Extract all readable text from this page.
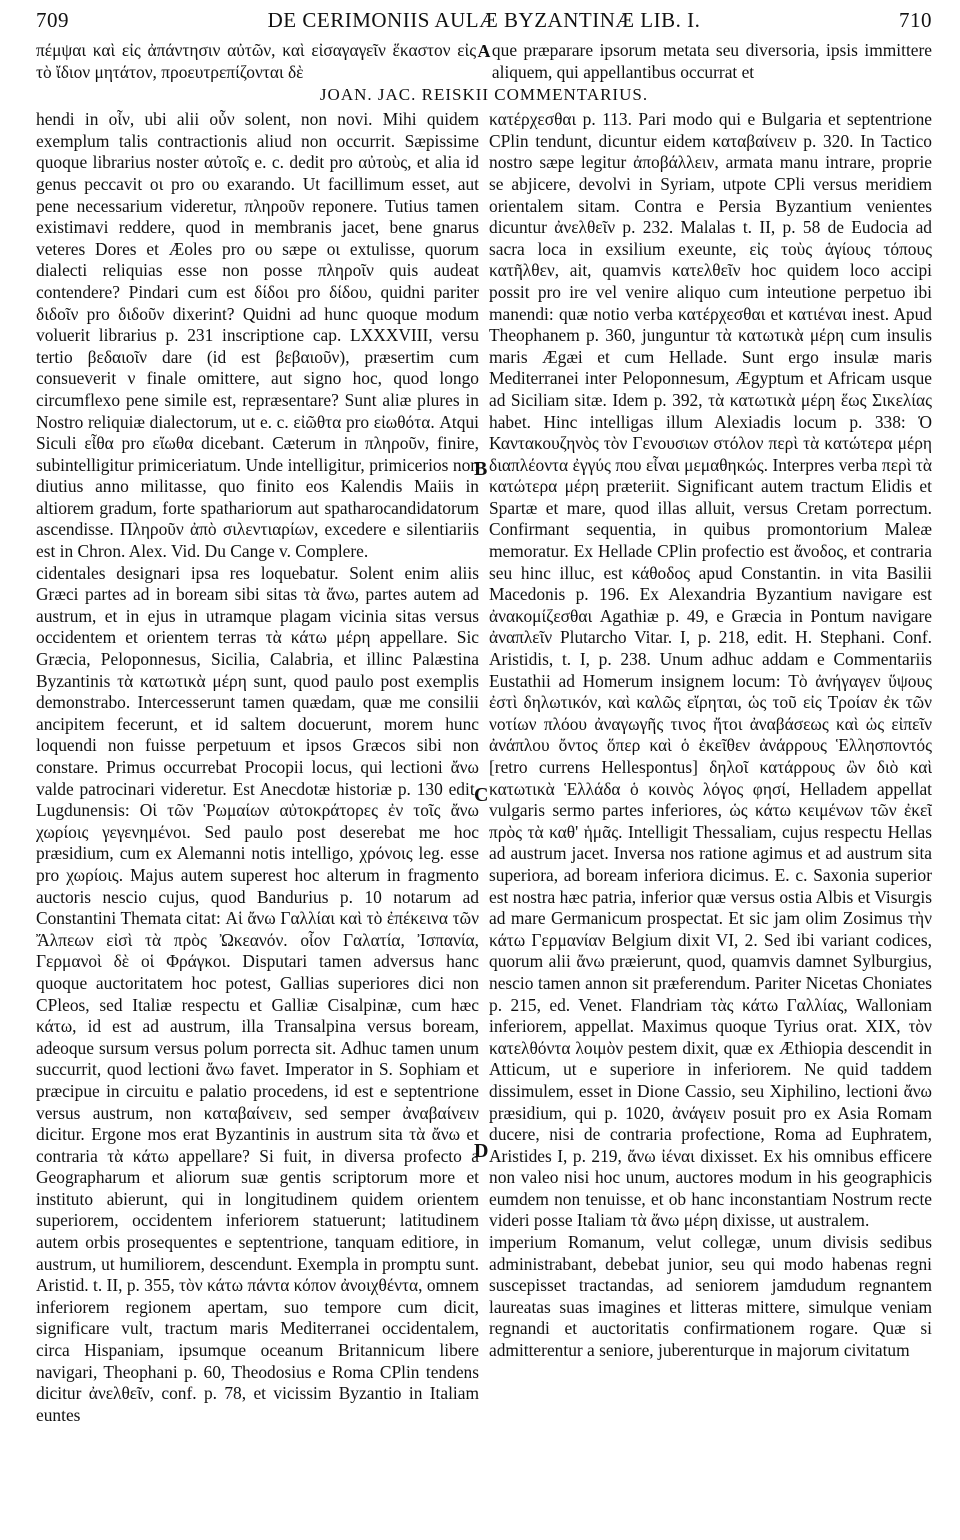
709	DE CERIMONIIS AULÆ BYZANTINÆ LIB. I.	710
πέμψαι καὶ εἰς ἀπάντησιν αὐτῶν, καὶ εἰσαγαγεῖν ἕκαστον εἰς τὸ ἴδιον μητάτον, προευτρεπίζονται δὲ
A que præparare ipsorum metata seu diversoria, ipsis immittere aliquem, qui appellantibus occurrat et
JOAN. JAC. REISKII COMMENTARIUS.

hendi in οἶν, ubi alii οὖν solent, non novi. Mihi quidem exemplum talis contractionis aliud non occurrit. Sæpissime quoque librarius noster αὐτοῖς e. c. dedit pro αὐτοὺς, et alia id genus peccavit οι pro ου exarando. Ut facillimum esset, aut pene necessarium videretur, πληροῦν reponere. Tutius tamen existimavi reddere, quod in membranis jacet, bene gnarus veteres Dores et Æoles pro ου sæpe οι extulisse, quorum dialecti reliquias esse non posse πληροῖν quis audeat contendere? Pindari cum est δίδοι pro δίδου, quidni pariter διδοῖν pro διδοῦν dixerint? Quidni ad hunc quoque modum voluerit librarius p. 231 inscriptione cap. LXXXVIII, versu tertio βεδαιοῖν dare (id est βεβαιοῦν), præsertim cum consueverit ν finale omittere, aut signo hoc, quod longo circumflexo pene simile est, repræsentare? Sunt aliæ plures in Nostro reliquiæ dialectorum, ut e. c. εἰῶθτα pro εἰωθότα. Atqui Siculi εἶθα pro εἴωθα dicebant. Cæterum in πληροῦν, finire, subintelligitur primiceriatum. Unde intelligitur, primicerios non diutius anno militasse, quo finito eos Kalendis Maiis in altiorem gradum, forte spathariorum aut spatharocandidatorum ascendisse. Πληροῦν ἀπὸ σιλεντιαρίων, excedere e silentiariis est in Chron. Alex. Vid. Du Cange v. Complere.

cidentales designari ipsa res loquebatur. Solent enim aliis Græci partes ad in boream sibi sitas τὰ ἄνω, partes autem ad austrum, et in ejus in utramque plagam vicinia sitas versus occidentem et orientem terras τὰ κάτω μέρη appellare. Sic Græcia, Peloponnesus, Sicilia, Calabria, et illinc Palæstina Byzantinis τὰ κατωτικὰ μέρη sunt, quod paulo post exemplis demonstrabo. Intercesserunt tamen quædam, quæ me consilii ancipitem fecerunt, et id saltem docuerunt, morem hunc loquendi non fuisse perpetuum et ipsos Græcos sibi non constare. Primus occurrebat Procopii locus, qui lectioni ἄνω valde patrocinari videretur. Est Anecdotæ historiæ p. 130 edit. Lugdunensis: Οἱ τῶν Ῥωμαίων αὐτοκράτορες ἐν τοῖς ἄνω χωρίοις γεγενημένοι. Sed paulo post deserebat me hoc præsidium, cum ex Alemanni notis intelligo, χρόνοις leg. esse pro χωρίοις. Majus autem superest hoc alterum in fragmento auctoris nescio cujus, quod Bandurius p. 10 notarum ad Constantini Themata citat: Αἱ ἄνω Γαλλίαι καὶ τὸ ἐπέκεινα τῶν Ἄλπεων εἰσὶ τὰ πρὸς Ὠκεανόν. οἷον Γαλατία, Ἰσπανία, Γερμανοὶ δὲ οἱ Φράγκοι. Disputari tamen adversus hanc quoque auctoritatem hoc potest, Gallias superiores dici non CPleos, sed Italiæ respectu et Galliæ Cisalpinæ, cum hæc κάτω, id est ad austrum, illa Transalpina versus boream, adeoque sursum versus polum porrecta sit. Adhuc tamen unum succurrit, quod lectioni ἄνω favet. Imperator in S. Sophiam et præcipue in circuitu e palatio procedens, id est e septentrione versus austrum, non καταβαίνειν, sed semper ἀναβαίνειν dicitur. Ergone mos erat Byzantinis in austrum sita τὰ ἄνω et contraria τὰ κάτω appellare? Si fuit, in diversa profecto a Geographarum et aliorum suæ gentis scriptorum more et instituto abierunt, qui in longitudinem quidem orientem superiorem, occidentem inferiorem statuerunt; latitudinem autem orbis prosequentes e septentrione, tanquam editiore, in austrum, ut humiliorem, descendunt. Exempla in promptu sunt. Aristid. t. II, p. 355, τὸν κάτω πάντα κόπον ἀνοιχθέντα, omnem inferiorem regionem apertam, suo tempore cum dicit, significare vult, tractum maris Mediterranei occidentalem, circa Hispaniam, ipsumque oceanum Britannicum libere navigari, Theophani p. 60, Theodosius e Roma CPlin tendens dicitur ἀνελθεῖν, conf. p. 78, et vicissim Byzantio in Italiam euntes

κατέρχεσθαι p. 113. Pari modo qui e Bulgaria et septentrione CPlin tendunt, dicuntur eidem καταβαίνειν p. 320. In Tactico nostro sæpe legitur ἀποβάλλειν, armata manu intrare, proprie se abjicere, devolvi in Syriam, utpote CPli versus meridiem orientalem sitam. Contra e Persia Byzantium venientes dicuntur ἀνελθεῖν p. 232. Malalas t. II, p. 58 de Eudocia ad sacra loca in exsilium exeunte, εἰς τοὺς ἁγίους τόπους κατῆλθεν, ait, quamvis κατελθεῖν hoc quidem loco accipi possit pro ire vel venire aliquo cum inteutione perpetuo ibi manendi: quæ notio verba κατέρχεσθαι et κατιέναι inest. Apud Theophanem p. 360, junguntur τὰ κατωτικὰ μέρη cum insulis maris Ægæi et cum Hellade. Sunt ergo insulæ maris Mediterranei inter Peloponnesum, Ægyptum et Africam usque ad Siciliam sitæ. Idem p. 392, τὰ κατωτικὰ μέρη ἕως Σικελίας habet. Hinc intelligas illum Alexiadis locum p. 338: Ὁ Καντακουζηνὸς τὸν Γενουσιων στόλον περὶ τὰ κατώτερα μέρη διαπλέοντα ἐγγύς που εἶναι μεμαθηκώς. Interpres verba περὶ τὰ κατώτερα μέρη præteriit. Significant autem tractum Elidis et Spartæ et mare, quod illas alluit, versus Cretam porrectum. Confirmant sequentia, in quibus promontorium Maleæ memoratur. Ex Hellade CPlin profectio est ἄνοδος, et contraria seu hinc illuc, est κάθοδος apud Constantin. in vita Basilii Macedonis p. 196. Ex Alexandria Byzantium navigare est ἀνακομίζεσθαι Agathiæ p. 49, e Græcia in Pontum navigare ἀναπλεῖν Plutarcho Vitar. I, p. 218, edit. H. Stephani. Conf. Aristidis, t. I, p. 238. Unum adhuc addam e Commentariis Eustathii ad Homerum insignem locum: Τὸ ἀνήγαγεν ὕψους ἐστὶ δηλωτικόν, καὶ καλῶς εἴρηται, ὡς τοῦ εἰς Τροίαν ἐκ τῶν νοτίων πλόου ἀναγωγῆς τινος ἤτοι ἀναβάσεως καὶ ὡς εἰπεῖν ἀνάπλου ὄντος ὅπερ καὶ ὁ ἐκεῖθεν ἀνάρρους Ἑλλησποντός [retro currens Hellespontus] δηλοῖ κατάρρους ὢν διὸ καὶ κατωτικὰ Ἑλλάδα ὁ κοινὸς λόγος φησί, Helladem appellat vulgaris sermo partes inferiores, ὡς κάτω κειμένων τῶν ἐκεῖ πρὸς τὰ καθ' ἡμᾶς. Intelligit Thessaliam, cujus respectu Hellas ad austrum jacet. Inversa nos ratione agimus et ad austrum sita superiora, ad boream inferiora dicimus. E. c. Saxonia superior est nostra hæc patria, inferior quæ versus ostia Albis et Visurgis ad mare Germanicum prospectat. Et sic jam olim Zosimus τὴν κάτω Γερμανίαν Belgium dixit VI, 2. Sed ibi variant codices, quorum alii ἄνω præierunt, quod, quamvis damnet Sylburgius, nescio tamen annon sit præferendum. Pariter Nicetas Choniates p. 215, ed. Venet. Flandriam τὰς κάτω Γαλλίας, Walloniam inferiorem, appellat. Maximus quoque Tyrius orat. XIX, τὸν κατελθόντα λοιμὸν pestem dixit, quæ ex Æthiopia descendit in Atticum, ut e superiore in inferiorem. Ne quid taddem dissimulem, esset in Dione Cassio, seu Xiphilino, lectioni ἄνω præsidium, qui p. 1020, ἀνάγειν posuit pro ex Asia Romam ducere, nisi de contraria profectione, Roma ad Euphratem, Aristides I, p. 219, ἄνω ἰέναι dixisset. Ex his omnibus efficere non valeo nisi hoc unum, auctores modum in his geographicis eumdem non tenuisse, et ob hanc inconstantiam Nostrum recte videri posse Italiam τὰ ἄνω μέρη dixisse, ut australem.

imperium Romanum, velut collegæ, unum divisis sedibus administrabant, debebat junior, seu qui modo habenas regni suscepisset tractandas, ad seniorem jamdudum regnantem laureatas suas imagines et litteras mittere, simulque veniam regnandi et auctoritatis confirmationem rogare. Quæ si admitterentur a seniore, juberenturque in majorum civitatum

B
C
D
